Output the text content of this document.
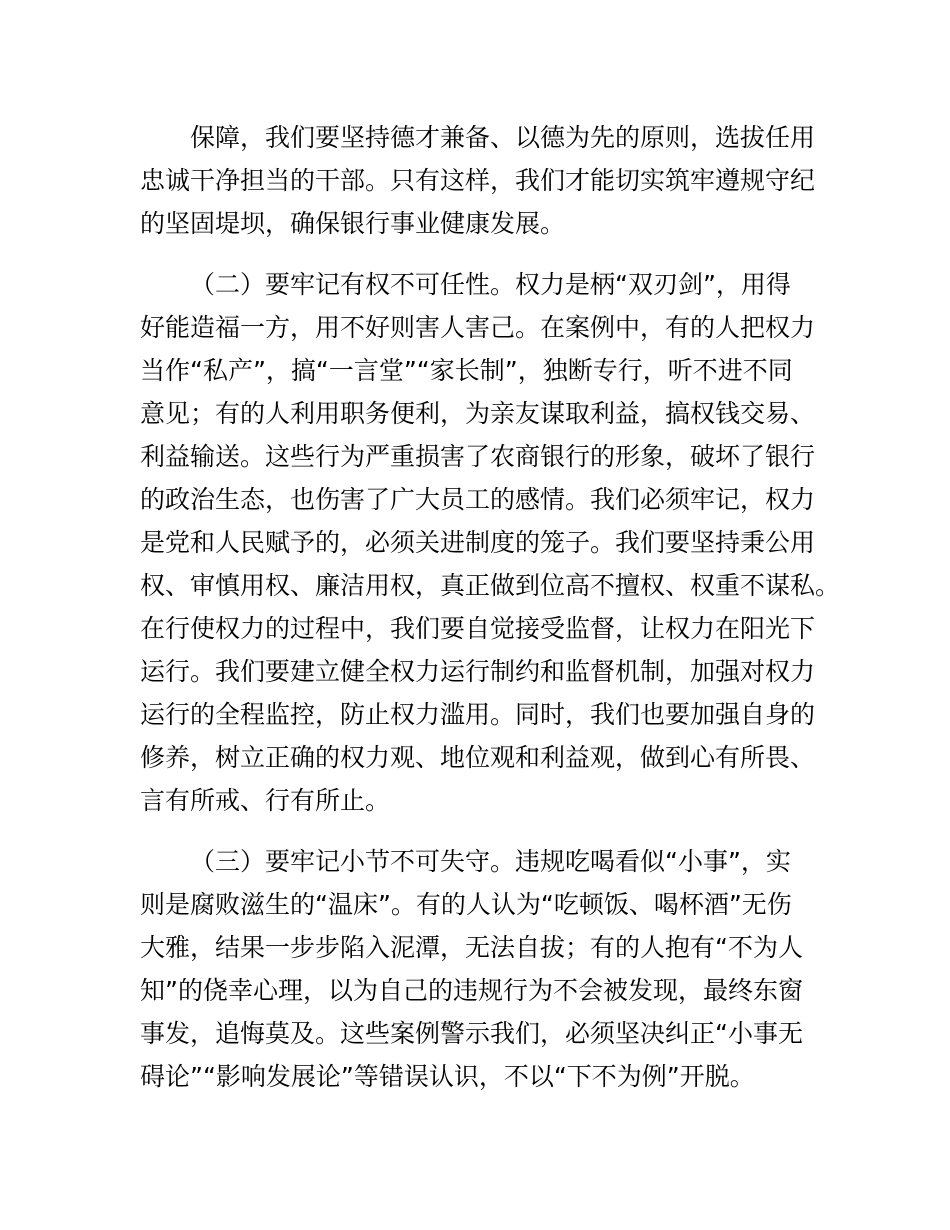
保障，我们要坚持德才兼备、以德为先的原则，选拔任用
忠诚干净担当的干部。只有这样，我们才能切实筑牢遵规守纪
的坚固堤坝，确保银行事业健康发展。
（二）要牢记有权不可任性。权力是柄“双刃剑”，用得
好能造福一方，用不好则害人害己。在案例中，有的人把权力
当作“私产”，搞“一言堂”“家长制”，独断专行，听不进不同
意见；有的人利用职务便利，为亲友谋取利益，搞权钱交易、
利益输送。这些行为严重损害了农商银行的形象，破坏了银行
的政治生态，也伤害了广大员工的感情。我们必须牢记，权力
是党和人民赋予的，必须关进制度的笼子。我们要坚持秉公用
权、审慎用权、廉洁用权，真正做到位高不擅权、权重不谋私。
在行使权力的过程中，我们要自觉接受监督，让权力在阳光下
运行。我们要建立健全权力运行制约和监督机制，加强对权力
运行的全程监控，防止权力滥用。同时，我们也要加强自身的
修养，树立正确的权力观、地位观和利益观，做到心有所畏、
言有所戒、行有所止。
（三）要牢记小节不可失守。违规吃喝看似“小事”，实
则是腐败滋生的“温床”。有的人认为“吃顿饭、喝杯酒”无伤
大雅，结果一步步陷入泥潭，无法自拔；有的人抱有“不为人
知”的侥幸心理，以为自己的违规行为不会被发现，最终东窗
事发，追悔莫及。这些案例警示我们，必须坚决纠正“小事无
碍论”“影响发展论”等错误认识，不以“下不为例”开脱。
